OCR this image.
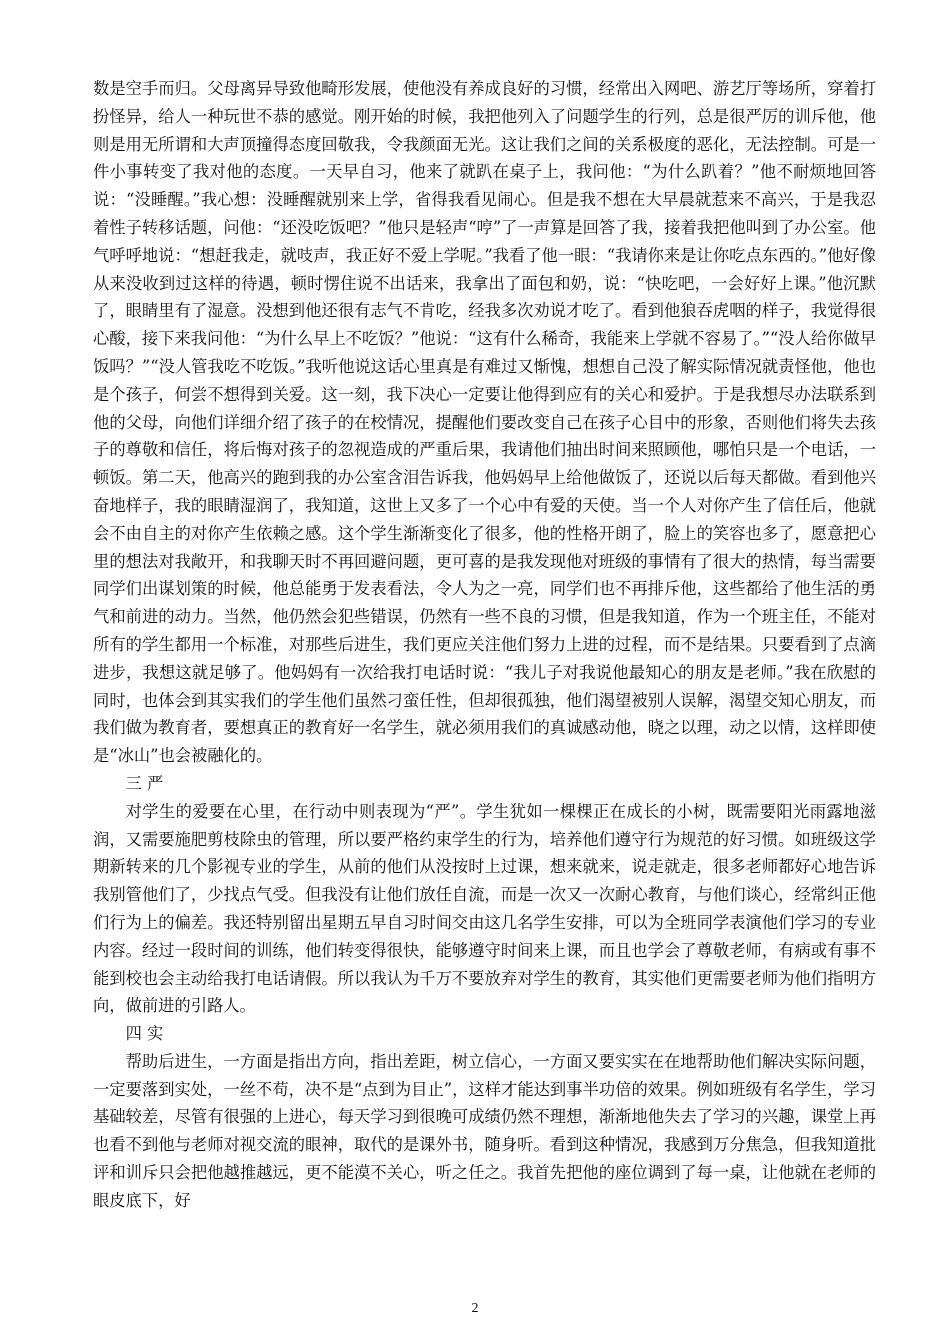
数是空手而归。父母离异导致他畸形发展，使他没有养成良好的习惯，经常出入网吧、游艺厅等场所，穿着打扮怪异，给人一种玩世不恭的感觉。刚开始的时候，我把他列入了问题学生的行列，总是很严厉的训斥他，他则是用无所谓和大声顶撞得态度回敬我，令我颜面无光。这让我们之间的关系极度的恶化，无法控制。可是一件小事转变了我对他的态度。一天早自习，他来了就趴在桌子上，我问他：“为什么趴着？”他不耐烦地回答说：“没睡醒。”我心想：没睡醒就别来上学，省得我看见闹心。但是我不想在大早晨就惹来不高兴，于是我忍着性子转移话题，问他：“还没吃饭吧？”他只是轻声“哼”了一声算是回答了我，接着我把他叫到了办公室。他气呼呼地说：“想赶我走，就吱声，我正好不爱上学呢。”我看了他一眼：“我请你来是让你吃点东西的。”他好像从来没收到过这样的待遇，顿时愣住说不出话来，我拿出了面包和奶，说：“快吃吧，一会好好上课。”他沉默了，眼睛里有了湿意。没想到他还很有志气不肯吃，经我多次劝说才吃了。看到他狼吞虎咽的样子，我觉得很心酸，接下来我问他：“为什么早上不吃饭？”他说：“这有什么稀奇，我能来上学就不容易了。”“没人给你做早饭吗？”“没人管我吃不吃饭。”我听他说这话心里真是有难过又惭愧，想想自己没了解实际情况就责怪他，他也是个孩子，何尝不想得到关爱。这一刻，我下决心一定要让他得到应有的关心和爱护。于是我想尽办法联系到他的父母，向他们详细介绍了孩子的在校情况，提醒他们要改变自己在孩子心目中的形象，否则他们将失去孩子的尊敬和信任，将后悔对孩子的忽视造成的严重后果，我请他们抽出时间来照顾他，哪怕只是一个电话，一顿饭。第二天，他高兴的跑到我的办公室含泪告诉我，他妈妈早上给他做饭了，还说以后每天都做。看到他兴奋地样子，我的眼睛湿润了，我知道，这世上又多了一个心中有爱的天使。当一个人对你产生了信任后，他就会不由自主的对你产生依赖之感。这个学生渐渐变化了很多，他的性格开朗了，脸上的笑容也多了，愿意把心里的想法对我敞开，和我聊天时不再回避问题，更可喜的是我发现他对班级的事情有了很大的热情，每当需要同学们出谋划策的时候，他总能勇于发表看法，令人为之一亮，同学们也不再排斥他，这些都给了他生活的勇气和前进的动力。当然，他仍然会犯些错误，仍然有一些不良的习惯，但是我知道，作为一个班主任，不能对所有的学生都用一个标准，对那些后进生，我们更应关注他们努力上进的过程，而不是结果。只要看到了点滴进步，我想这就足够了。他妈妈有一次给我打电话时说：“我儿子对我说他最知心的朋友是老师。”我在欣慰的同时，也体会到其实我们的学生他们虽然刁蛮任性，但却很孤独，他们渴望被别人误解，渴望交知心朋友，而我们做为教育者，要想真正的教育好一名学生，就必须用我们的真诚感动他，晓之以理，动之以情，这样即使是“冰山”也会被融化的。

三 严

对学生的爱要在心里，在行动中则表现为“严”。学生犹如一棵棵正在成长的小树，既需要阳光雨露地滋润，又需要施肥剪枝除虫的管理，所以要严格约束学生的行为，培养他们遵守行为规范的好习惯。如班级这学期新转来的几个影视专业的学生，从前的他们从没按时上过课，想来就来，说走就走，很多老师都好心地告诉我别管他们了，少找点气受。但我没有让他们放任自流，而是一次又一次耐心教育，与他们谈心，经常纠正他们行为上的偏差。我还特别留出星期五早自习时间交由这几名学生安排，可以为全班同学表演他们学习的专业内容。经过一段时间的训练，他们转变得很快，能够遵守时间来上课，而且也学会了尊敬老师，有病或有事不能到校也会主动给我打电话请假。所以我认为千万不要放弃对学生的教育，其实他们更需要老师为他们指明方向，做前进的引路人。

四 实

帮助后进生，一方面是指出方向，指出差距，树立信心，一方面又要实实在在地帮助他们解决实际问题，一定要落到实处，一丝不苟，决不是“点到为目止”，这样才能达到事半功倍的效果。例如班级有名学生，学习基础较差，尽管有很强的上进心，每天学习到很晚可成绩仍然不理想，渐渐地他失去了学习的兴趣，课堂上再也看不到他与老师对视交流的眼神，取代的是课外书，随身听。看到这种情况，我感到万分焦急，但我知道批评和训斥只会把他越推越远，更不能漠不关心，听之任之。我首先把他的座位调到了每一桌，让他就在老师的眼皮底下，好

2
